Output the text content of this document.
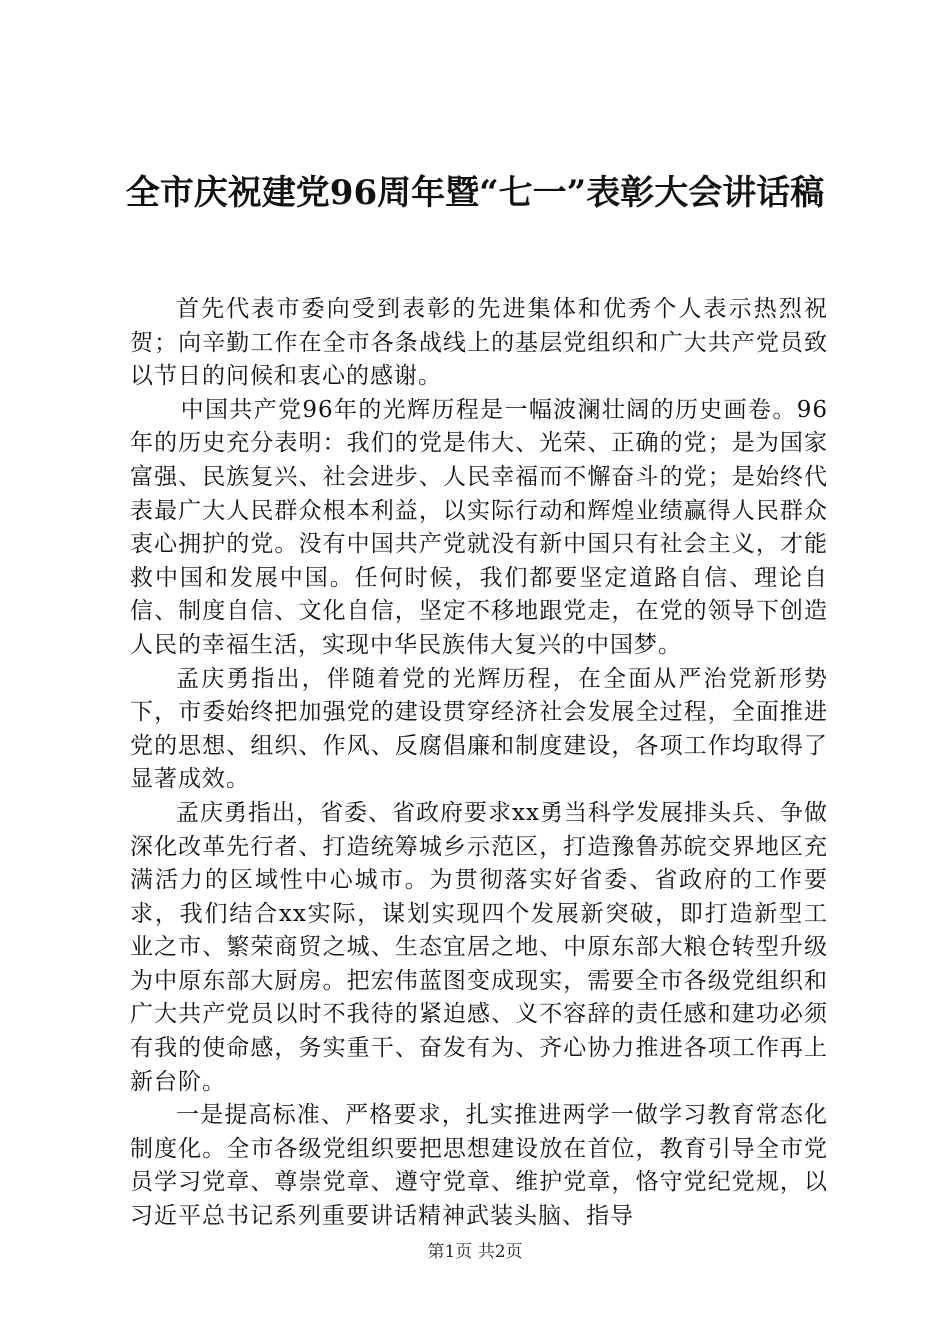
全市庆祝建党96周年暨“七一”表彰大会讲话稿

首先代表市委向受到表彰的先进集体和优秀个人表示热烈祝贺；向辛勤工作在全市各条战线上的基层党组织和广大共产党员致以节日的问候和衷心的感谢。

中国共产党96年的光辉历程是一幅波澜壮阔的历史画卷。96年的历史充分表明：我们的党是伟大、光荣、正确的党；是为国家富强、民族复兴、社会进步、人民幸福而不懈奋斗的党；是始终代表最广大人民群众根本利益，以实际行动和辉煌业绩赢得人民群众衷心拥护的党。没有中国共产党就没有新中国只有社会主义，才能救中国和发展中国。任何时候，我们都要坚定道路自信、理论自信、制度自信、文化自信，坚定不移地跟党走，在党的领导下创造人民的幸福生活，实现中华民族伟大复兴的中国梦。

孟庆勇指出，伴随着党的光辉历程，在全面从严治党新形势下，市委始终把加强党的建设贯穿经济社会发展全过程，全面推进党的思想、组织、作风、反腐倡廉和制度建设，各项工作均取得了显著成效。

孟庆勇指出，省委、省政府要求xx勇当科学发展排头兵、争做深化改革先行者、打造统筹城乡示范区，打造豫鲁苏皖交界地区充满活力的区域性中心城市。为贯彻落实好省委、省政府的工作要求，我们结合xx实际，谋划实现四个发展新突破，即打造新型工业之市、繁荣商贸之城、生态宜居之地、中原东部大粮仓转型升级为中原东部大厨房。把宏伟蓝图变成现实，需要全市各级党组织和广大共产党员以时不我待的紧迫感、义不容辞的责任感和建功必须有我的使命感，务实重干、奋发有为、齐心协力推进各项工作再上新台阶。

一是提高标准、严格要求，扎实推进两学一做学习教育常态化制度化。全市各级党组织要把思想建设放在首位，教育引导全市党员学习党章、尊崇党章、遵守党章、维护党章，恪守党纪党规，以习近平总书记系列重要讲话精神武装头脑、指导

第1页 共2页
